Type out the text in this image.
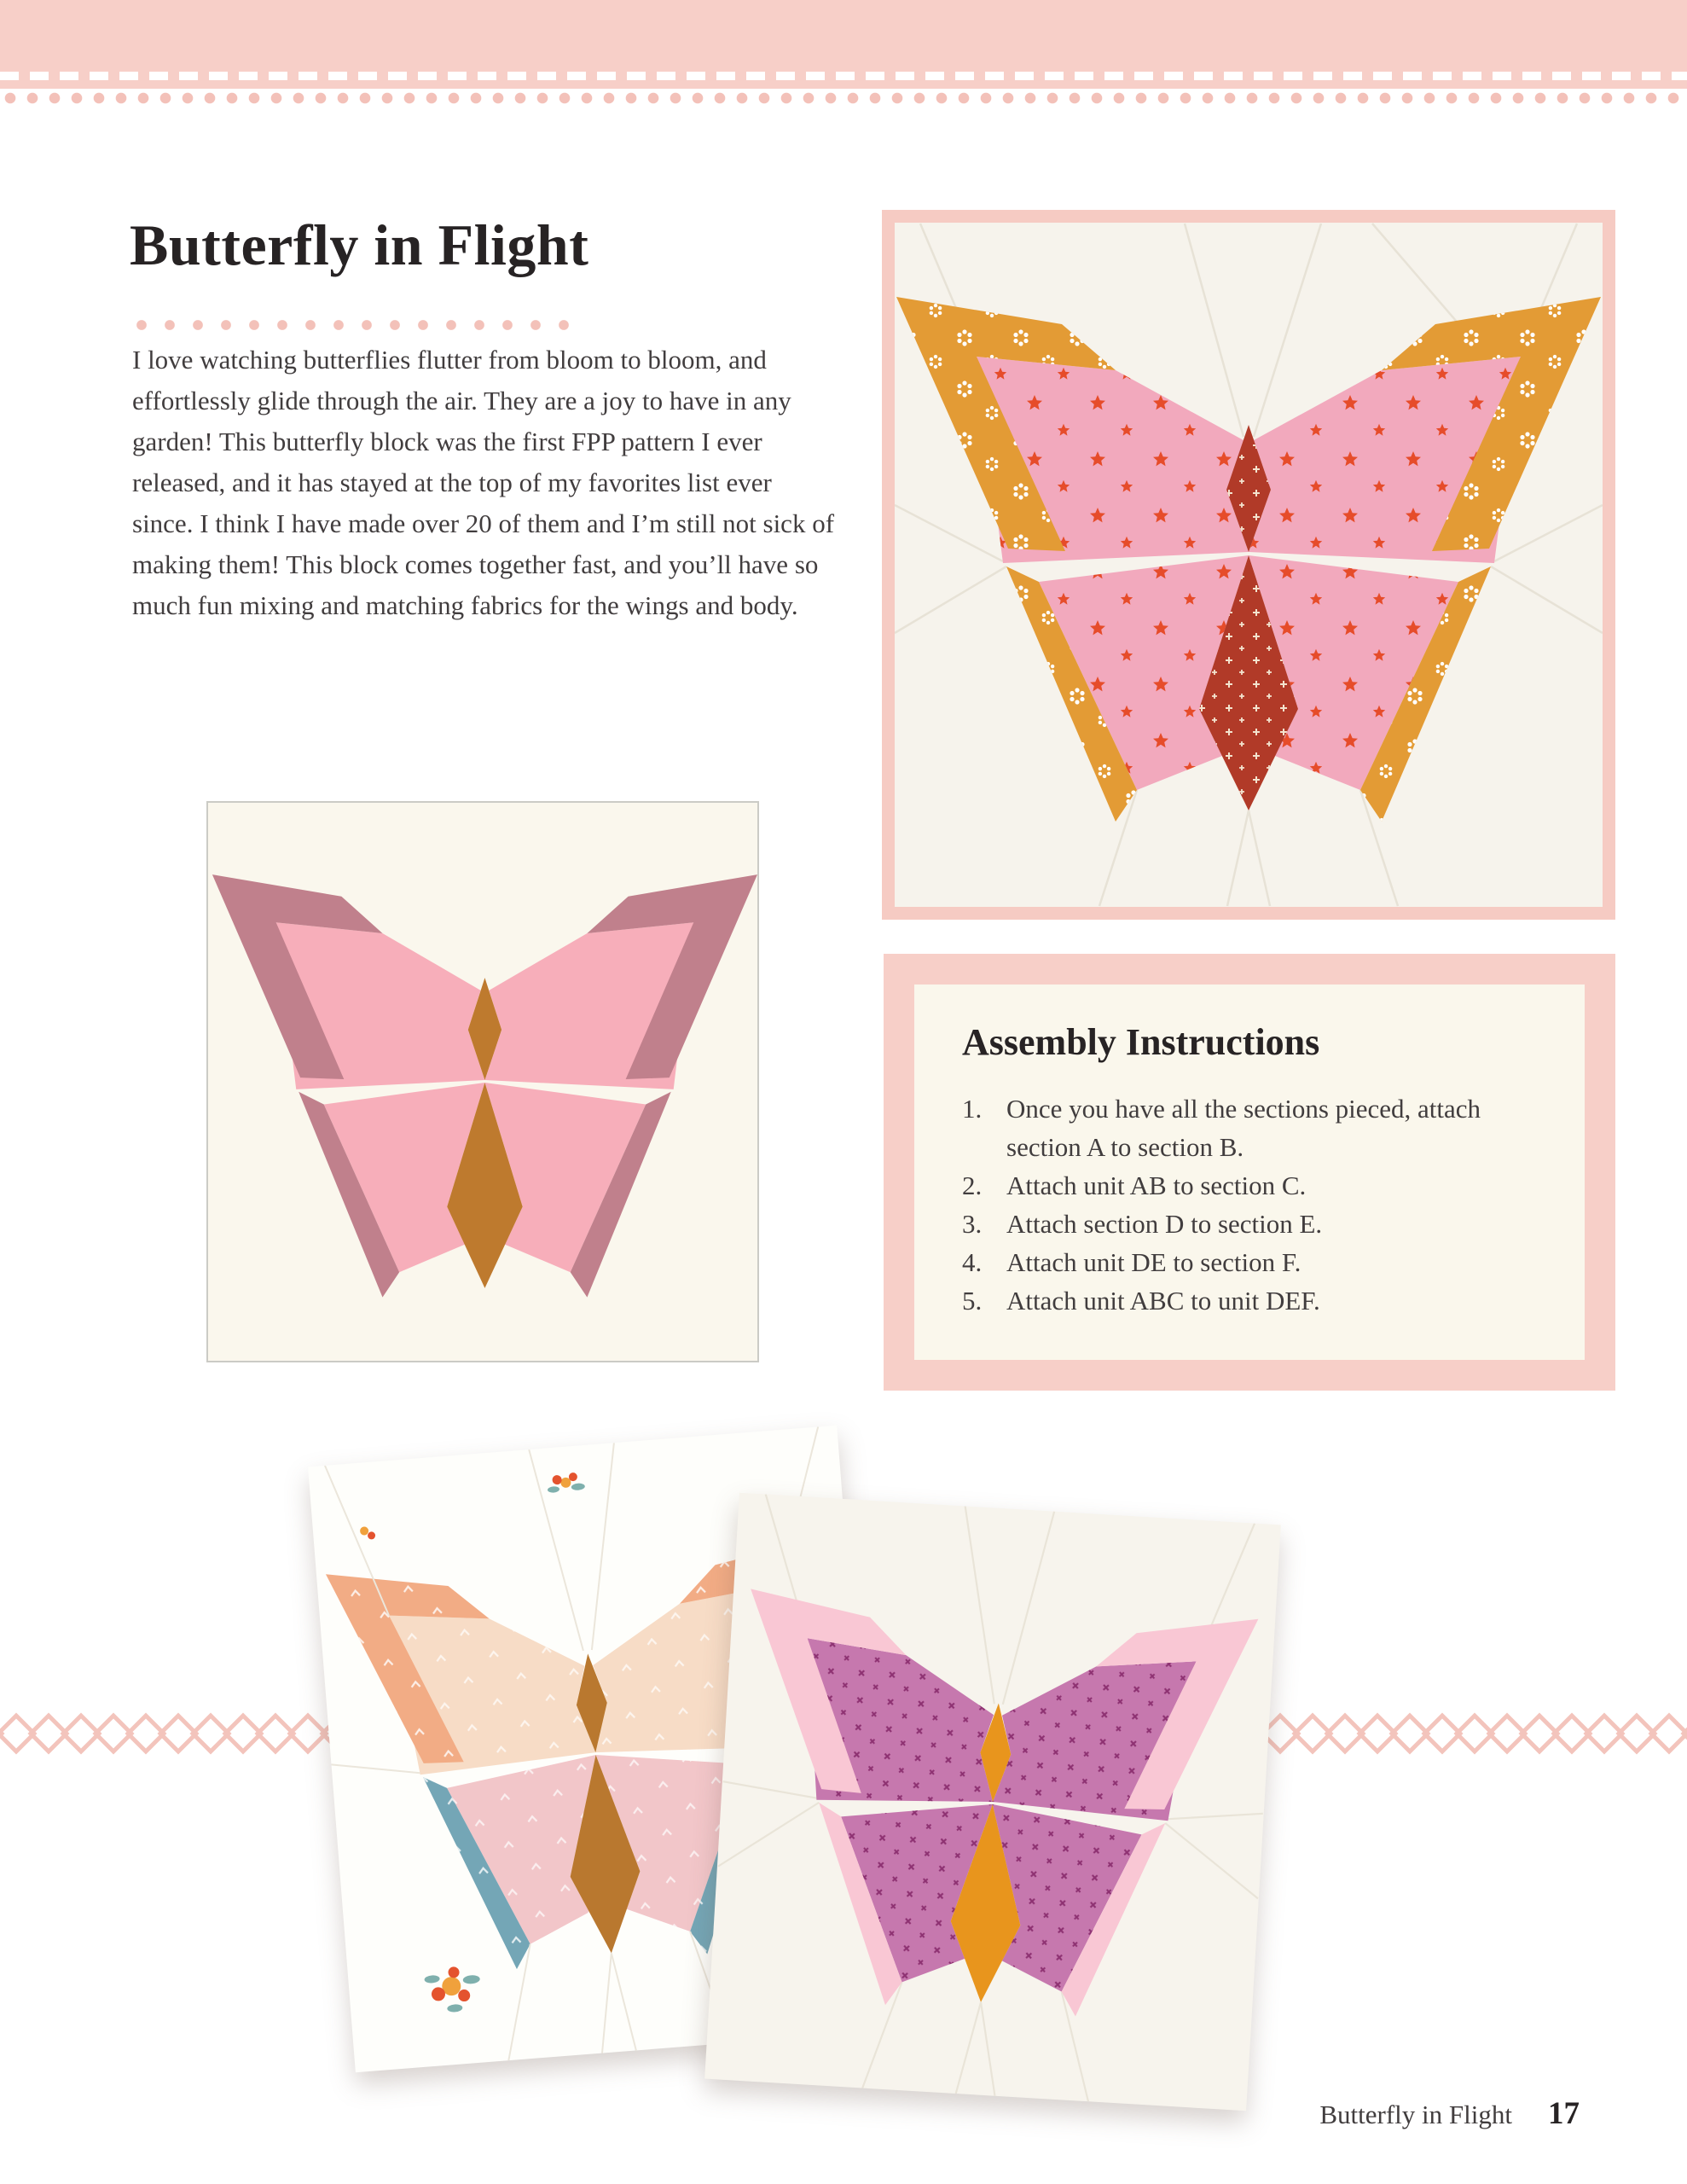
Butterfly in Flight

I love watching butterflies flutter from bloom to bloom, and effortlessly glide through the air. They are a joy to have in any garden! This butterfly block was the first FPP pattern I ever released, and it has stayed at the top of my favorites list ever since. I think I have made over 20 of them and I’m still not sick of making them! This block comes together fast, and you’ll have so much fun mixing and matching fabrics for the wings and body.

Assembly Instructions
1. Once you have all the sections pieced, attach section A to section B.
2. Attach unit AB to section C.
3. Attach section D to section E.
4. Attach unit DE to section F.
5. Attach unit ABC to unit DEF.
Butterfly in Flight 17
